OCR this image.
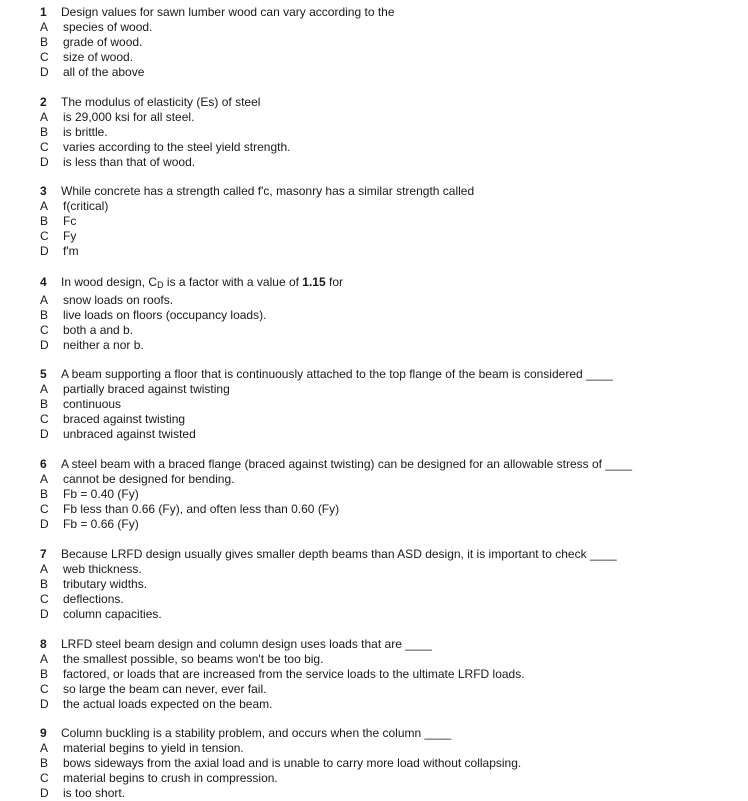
1 Design values for sawn lumber wood can vary according to the
A species of wood.
B grade of wood.
C size of wood.
D all of the above
2 The modulus of elasticity (Es) of steel
A is 29,000 ksi for all steel.
B is brittle.
C varies according to the steel yield strength.
D is less than that of wood.
3 While concrete has a strength called f'c, masonry has a similar strength called
A f(critical)
B Fc
C Fy
D f'm
4 In wood design, $C_D$ is a factor with a value of 1.15 for
A snow loads on roofs.
B live loads on floors (occupancy loads).
C both a and b.
D neither a nor b.
5 A beam supporting a floor that is continuously attached to the top flange of the beam is considered ____
A partially braced against twisting
B continuous
C braced against twisting
D unbraced against twisted
6 A steel beam with a braced flange (braced against twisting) can be designed for an allowable stress of ____
A cannot be designed for bending.
B Fb = 0.40 (Fy)
C Fb less than 0.66 (Fy), and often less than 0.60 (Fy)
D Fb = 0.66 (Fy)
7 Because LRFD design usually gives smaller depth beams than ASD design, it is important to check ____
A web thickness.
B tributary widths.
C deflections.
D column capacities.
8 LRFD steel beam design and column design uses loads that are ____
A the smallest possible, so beams won't be too big.
B factored, or loads that are increased from the service loads to the ultimate LRFD loads.
C so large the beam can never, ever fail.
D the actual loads expected on the beam.
9 Column buckling is a stability problem, and occurs when the column ____
A material begins to yield in tension.
B bows sideways from the axial load and is unable to carry more load without collapsing.
C material begins to crush in compression.
D is too short.
